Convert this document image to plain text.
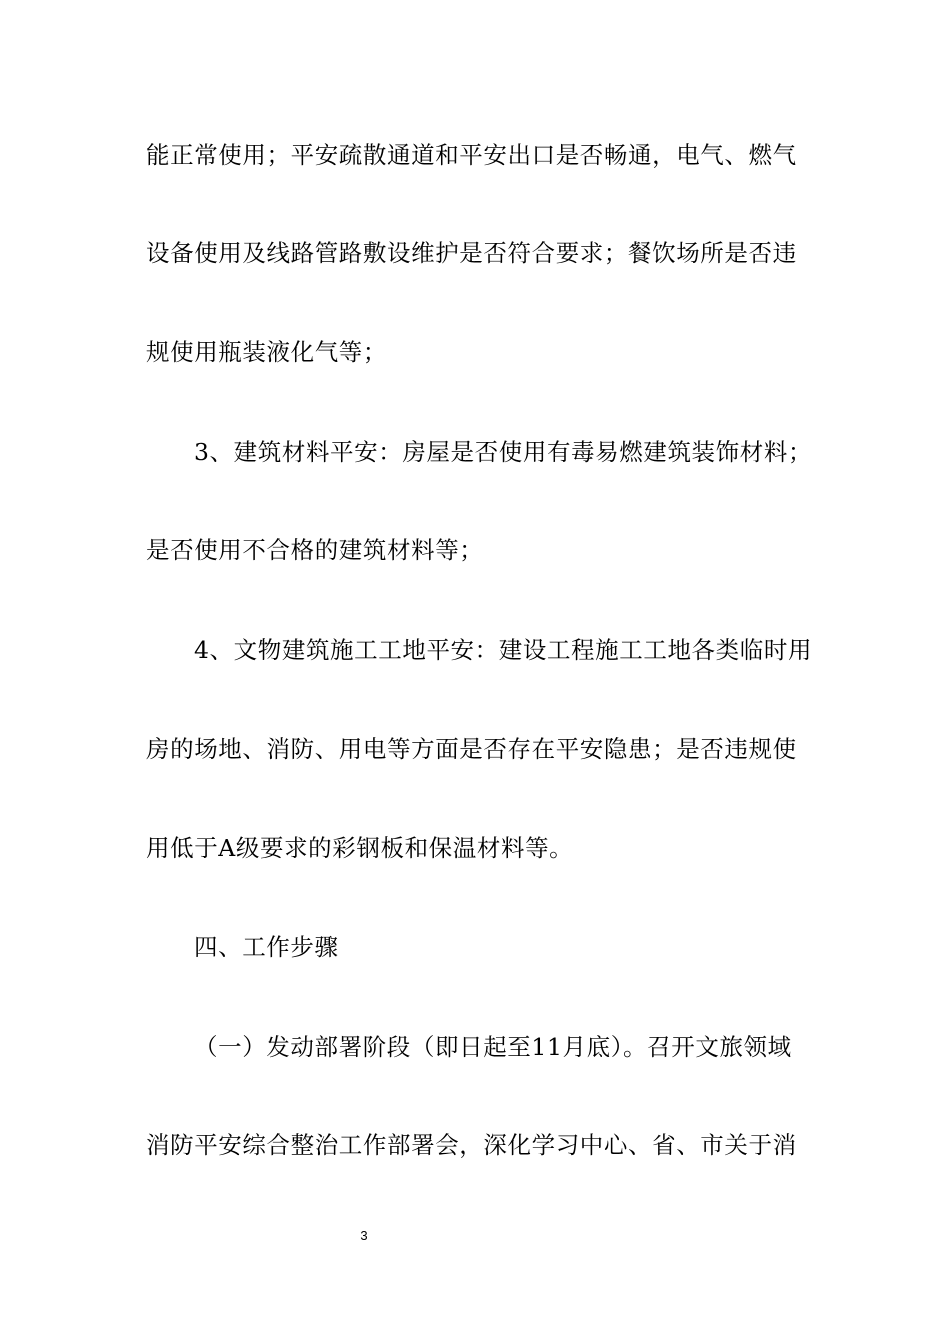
能正常使用；平安疏散通道和平安出口是否畅通，电气、燃气
设备使用及线路管路敷设维护是否符合要求；餐饮场所是否违
规使用瓶装液化气等；
3、建筑材料平安：房屋是否使用有毒易燃建筑装饰材料；
是否使用不合格的建筑材料等；
4、文物建筑施工工地平安：建设工程施工工地各类临时用
房的场地、消防、用电等方面是否存在平安隐患；是否违规使
用低于A级要求的彩钢板和保温材料等。
四、工作步骤
（一）发动部署阶段（即日起至11月底）。召开文旅领域
消防平安综合整治工作部署会，深化学习中心、省、市关于消
3
